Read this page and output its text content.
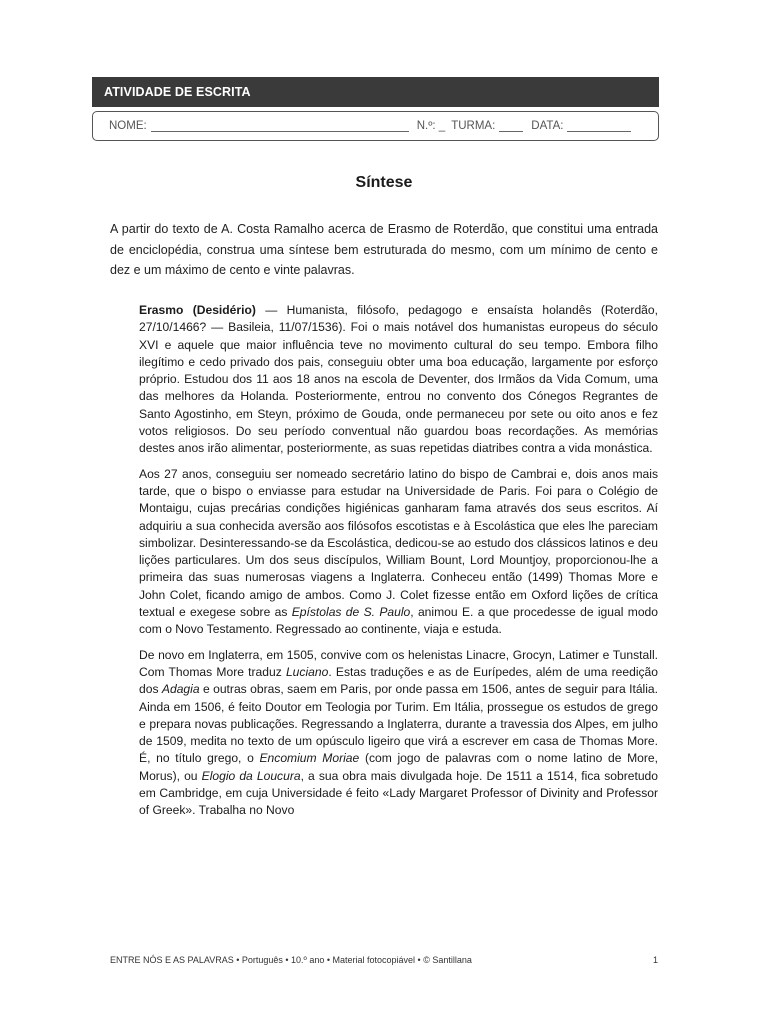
ATIVIDADE DE ESCRITA
NOME:	N.º: _ TURMA:	DATA:
Síntese

A partir do texto de A. Costa Ramalho acerca de Erasmo de Roterdão, que constitui uma entrada de enciclopédia, construa uma síntese bem estruturada do mesmo, com um mínimo de cento e dez e um máximo de cento e vinte palavras.

Erasmo (Desidério) — Humanista, filósofo, pedagogo e ensaísta holandês (Roterdão, 27/10/1466? — Basileia, 11/07/1536). Foi o mais notável dos humanistas europeus do século XVI e aquele que maior influência teve no movimento cultural do seu tempo. Embora filho ilegítimo e cedo privado dos pais, conseguiu obter uma boa educação, largamente por esforço próprio. Estudou dos 11 aos 18 anos na escola de Deventer, dos Irmãos da Vida Comum, uma das melhores da Holanda. Posteriormente, entrou no convento dos Cónegos Regrantes de Santo Agostinho, em Steyn, próximo de Gouda, onde permaneceu por sete ou oito anos e fez votos religiosos. Do seu período conventual não guardou boas recordações. As memórias destes anos irão alimentar, posteriormente, as suas repetidas diatribes contra a vida monástica.

Aos 27 anos, conseguiu ser nomeado secretário latino do bispo de Cambrai e, dois anos mais tarde, que o bispo o enviasse para estudar na Universidade de Paris. Foi para o Colégio de Montaigu, cujas precárias condições higiénicas ganharam fama através dos seus escritos. Aí adquiriu a sua conhecida aversão aos filósofos escotistas e à Escolástica que eles lhe pareciam simbolizar. Desinteressando-se da Escolástica, dedicou-se ao estudo dos clássicos latinos e deu lições particulares. Um dos seus discípulos, William Bount, Lord Mountjoy, proporcionou-lhe a primeira das suas numerosas viagens a Inglaterra. Conheceu então (1499) Thomas More e John Colet, ficando amigo de ambos. Como J. Colet fizesse então em Oxford lições de crítica textual e exegese sobre as Epístolas de S. Paulo, animou E. a que procedesse de igual modo com o Novo Testamento. Regressado ao continente, viaja e estuda.

De novo em Inglaterra, em 1505, convive com os helenistas Linacre, Grocyn, Latimer e Tunstall. Com Thomas More traduz Luciano. Estas traduções e as de Eurípedes, além de uma reedição dos Adagia e outras obras, saem em Paris, por onde passa em 1506, antes de seguir para Itália. Ainda em 1506, é feito Doutor em Teologia por Turim. Em Itália, prossegue os estudos de grego e prepara novas publicações. Regressando a Inglaterra, durante a travessia dos Alpes, em julho de 1509, medita no texto de um opúsculo ligeiro que virá a escrever em casa de Thomas More. É, no título grego, o Encomium Moriae (com jogo de palavras com o nome latino de More, Morus), ou Elogio da Loucura, a sua obra mais divulgada hoje. De 1511 a 1514, fica sobretudo em Cambridge, em cuja Universidade é feito «Lady Margaret Professor of Divinity and Professor of Greek». Trabalha no Novo

ENTRE NÓS E AS PALAVRAS • Português • 10.º ano • Material fotocopiável • © Santillana	1
